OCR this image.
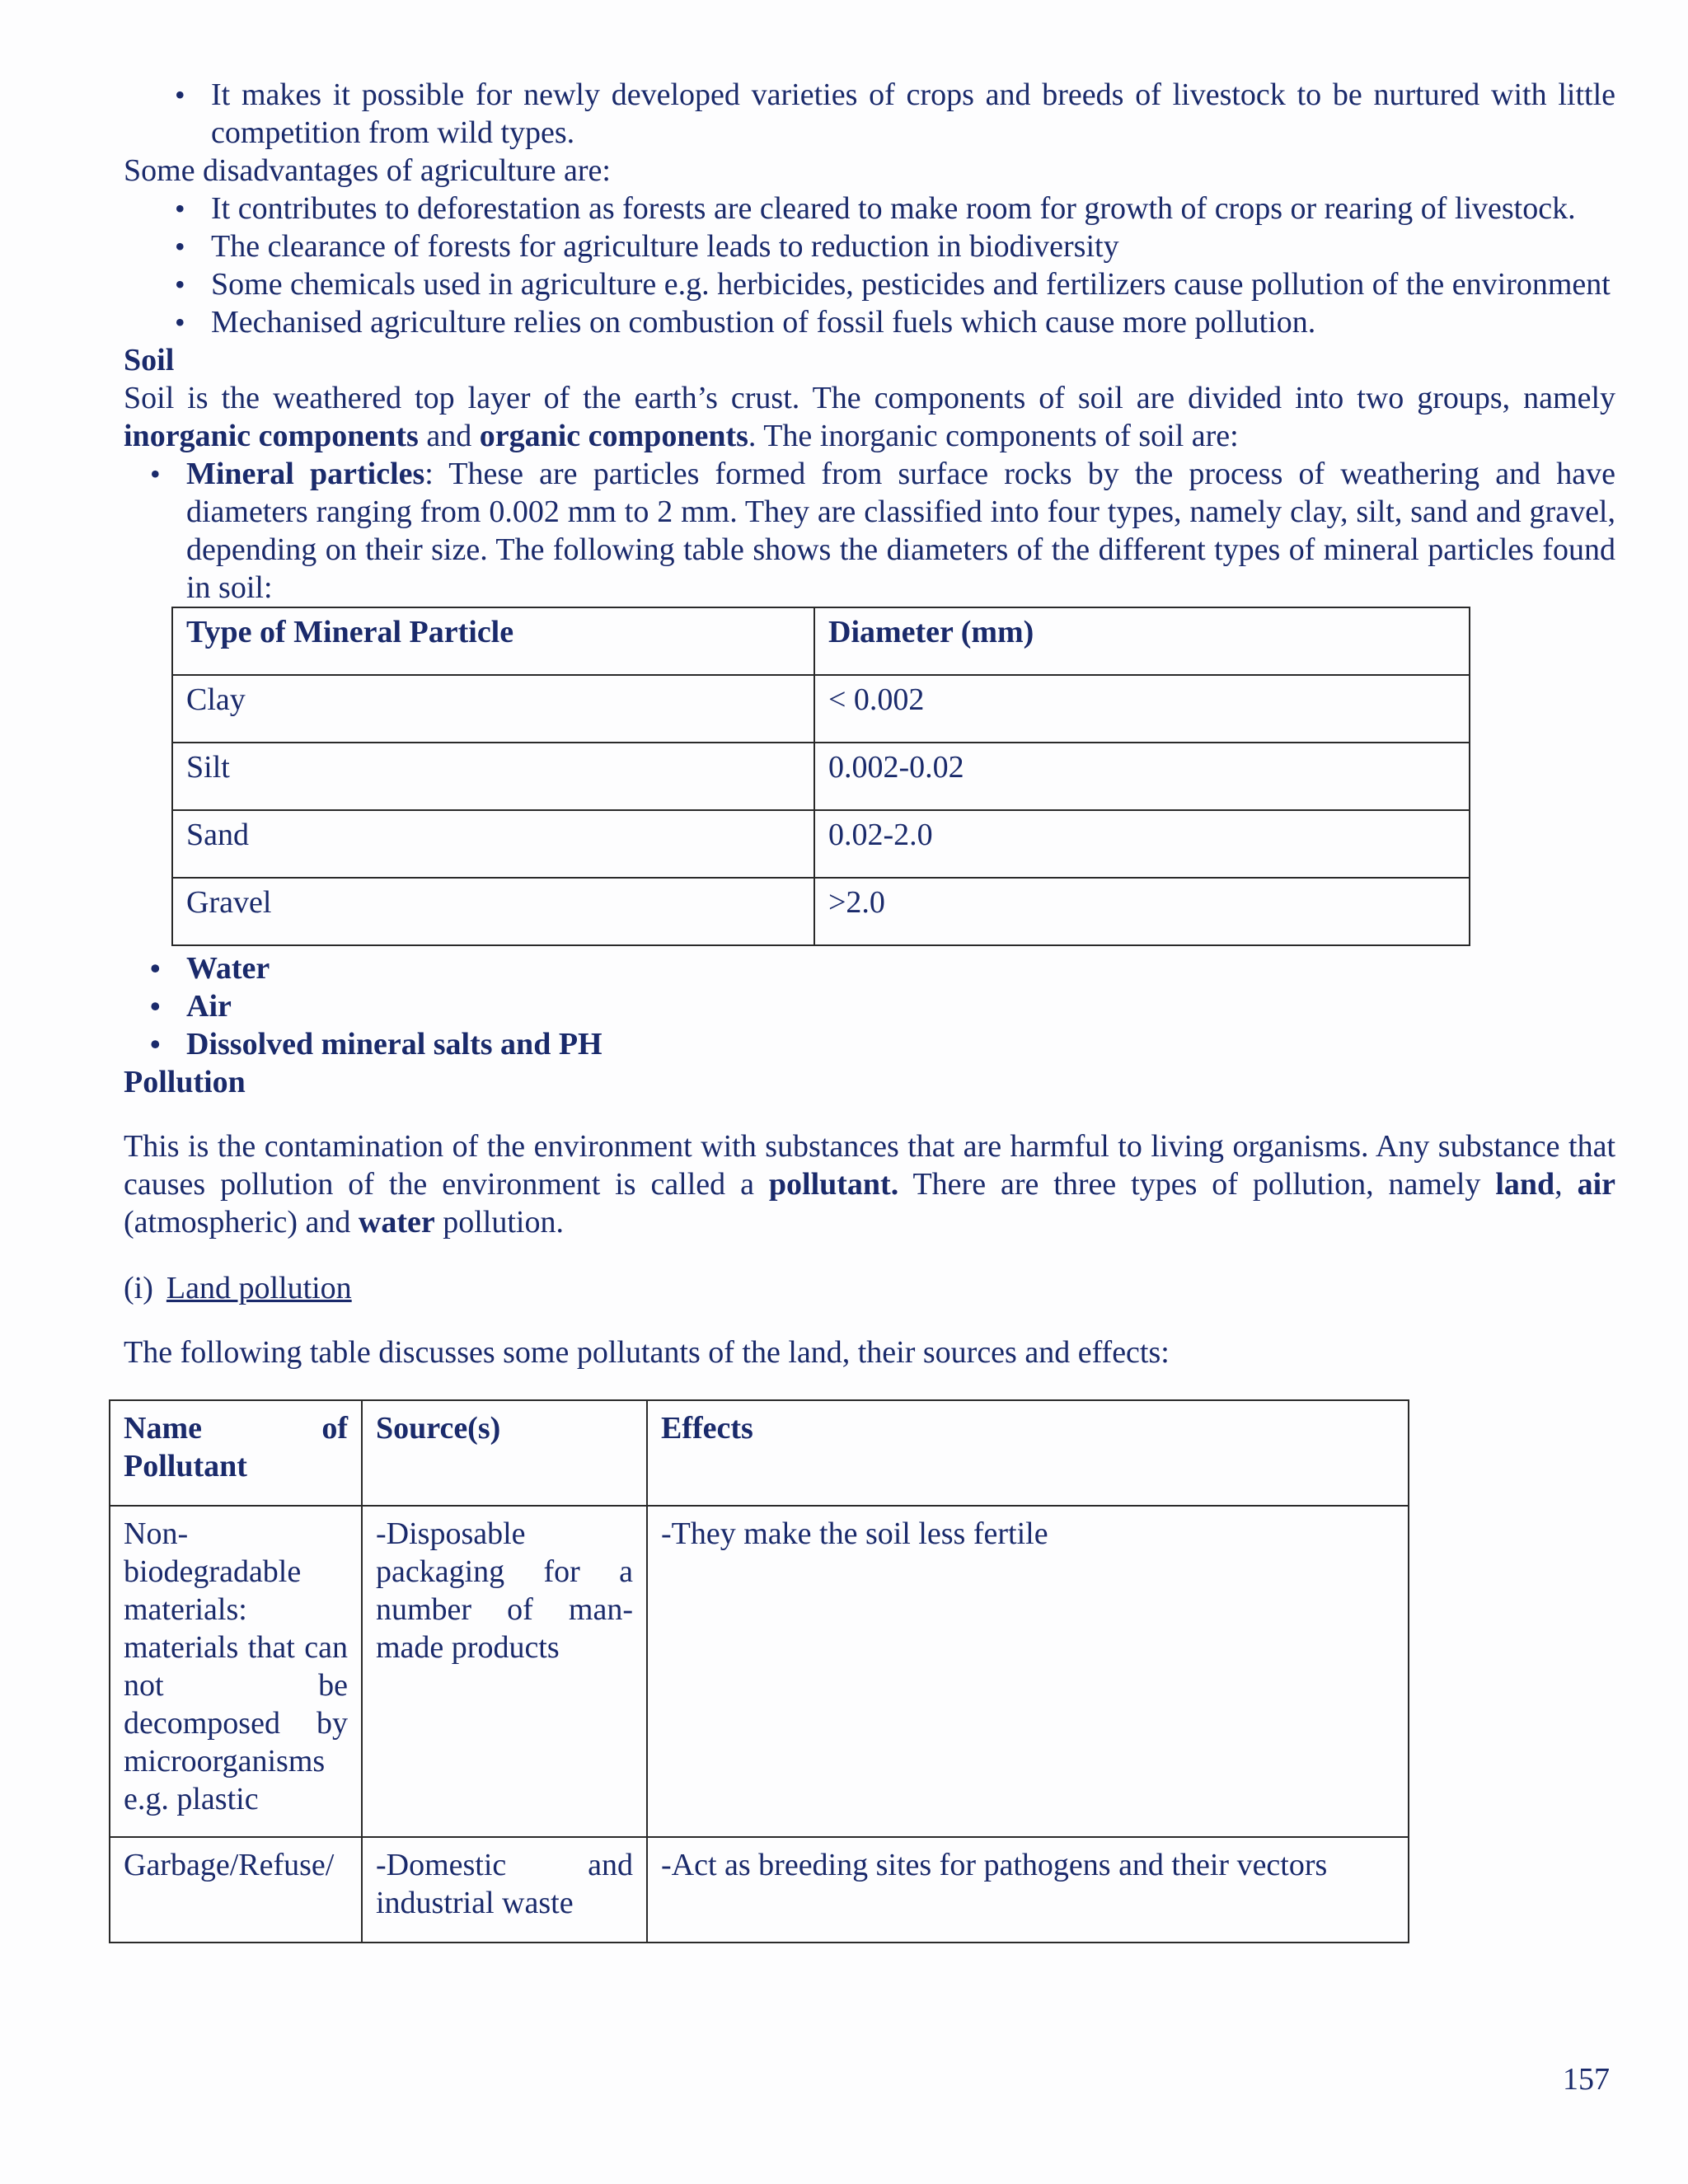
• It makes it possible for newly developed varieties of crops and breeds of livestock to be nurtured with little competition from wild types.

Some disadvantages of agriculture are:

• It contributes to deforestation as forests are cleared to make room for growth of crops or rearing of livestock.
• The clearance of forests for agriculture leads to reduction in biodiversity
• Some chemicals used in agriculture e.g. herbicides, pesticides and fertilizers cause pollution of the environment
• Mechanised agriculture relies on combustion of fossil fuels which cause more pollution.

Soil

Soil is the weathered top layer of the earth’s crust. The components of soil are divided into two groups, namely inorganic components and organic components. The inorganic components of soil are:

• Mineral particles: These are particles formed from surface rocks by the process of weathering and have diameters ranging from 0.002 mm to 2 mm. They are classified into four types, namely clay, silt, sand and gravel, depending on their size. The following table shows the diameters of the different types of mineral particles found in soil:
Type of Mineral Particle	Diameter (mm)
Clay	< 0.002
Silt	0.002-0.02
Sand	0.02-2.0
Gravel	>2.0
• Water
• Air
• Dissolved mineral salts and PH

Pollution

This is the contamination of the environment with substances that are harmful to living organisms. Any substance that causes pollution of the environment is called a pollutant. There are three types of pollution, namely land, air (atmospheric) and water pollution.

(i) Land pollution

The following table discusses some pollutants of the land, their sources and effects:

Name of Pollutant	Source(s)	Effects
Non-biodegradable materials: materials that can not be decomposed by microorganisms e.g. plastic	-Disposable packaging for a number of man-made products	-They make the soil less fertile
Garbage/Refuse/	-Domestic and industrial waste	-Act as breeding sites for pathogens and their vectors
157
